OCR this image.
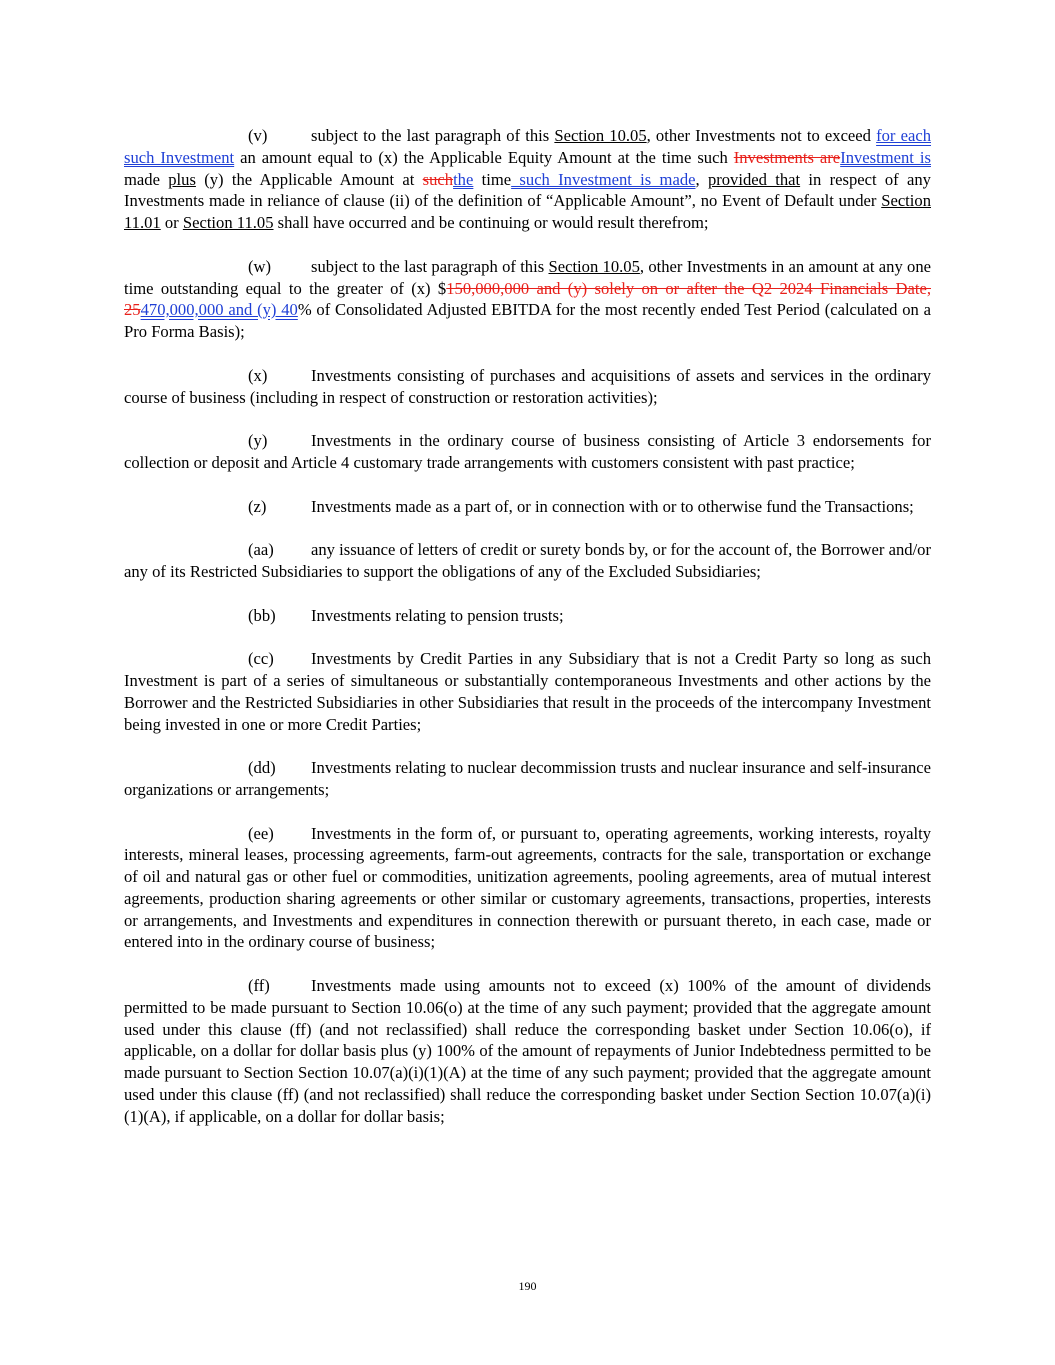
(v)	subject to the last paragraph of this Section 10.05, other Investments not to exceed for each such Investment an amount equal to (x) the Applicable Equity Amount at the time such Investments areInvestment is made plus (y) the Applicable Amount at suchthe time such Investment is made, provided that in respect of any Investments made in reliance of clause (ii) of the definition of “Applicable Amount”, no Event of Default under Section 11.01 or Section 11.05 shall have occurred and be continuing or would result therefrom;

(w) subject to the last paragraph of this Section 10.05, other Investments in an amount at any one time outstanding equal to the greater of (x) $150,000,000 and (y) solely on or after the Q2 2024 Financials Date, 25470,000,000 and (y) 40% of Consolidated Adjusted EBITDA for the most recently ended Test Period (calculated on a Pro Forma Basis);

(x)	Investments consisting of purchases and acquisitions of assets and services in the ordinary course of business (including in respect of construction or restoration activities);

(y)	Investments in the ordinary course of business consisting of Article 3 endorsements for collection or deposit and Article 4 customary trade arrangements with customers consistent with past practice;

(z)	Investments made as a part of, or in connection with or to otherwise fund the Transactions;

(aa) any issuance of letters of credit or surety bonds by, or for the account of, the Borrower and/or any of its Restricted Subsidiaries to support the obligations of any of the Excluded Subsidiaries;

(bb) Investments relating to pension trusts;

(cc) Investments by Credit Parties in any Subsidiary that is not a Credit Party so long as such Investment is part of a series of simultaneous or substantially contemporaneous Investments and other actions by the Borrower and the Restricted Subsidiaries in other Subsidiaries that result in the proceeds of the intercompany Investment being invested in one or more Credit Parties;

(dd) Investments relating to nuclear decommission trusts and nuclear insurance and self-insurance organizations or arrangements;

(ee) Investments in the form of, or pursuant to, operating agreements, working interests, royalty interests, mineral leases, processing agreements, farm-out agreements, contracts for the sale, transportation or exchange of oil and natural gas or other fuel or commodities, unitization agreements, pooling agreements, area of mutual interest agreements, production sharing agreements or other similar or customary agreements, transactions, properties, interests or arrangements, and Investments and expenditures in connection therewith or pursuant thereto, in each case, made or entered into in the ordinary course of business;

(ff) Investments made using amounts not to exceed (x) 100% of the amount of dividends permitted to be made pursuant to Section 10.06(o) at the time of any such payment; provided that the aggregate amount used under this clause (ff) (and not reclassified) shall reduce the corresponding basket under Section 10.06(o), if applicable, on a dollar for dollar basis plus (y) 100% of the amount of repayments of Junior Indebtedness permitted to be made pursuant to Section Section 10.07(a)(i)(1)(A) at the time of any such payment; provided that the aggregate amount used under this clause (ff) (and not reclassified) shall reduce the corresponding basket under Section Section 10.07(a)(i)(1)(A), if applicable, on a dollar for dollar basis;

190
